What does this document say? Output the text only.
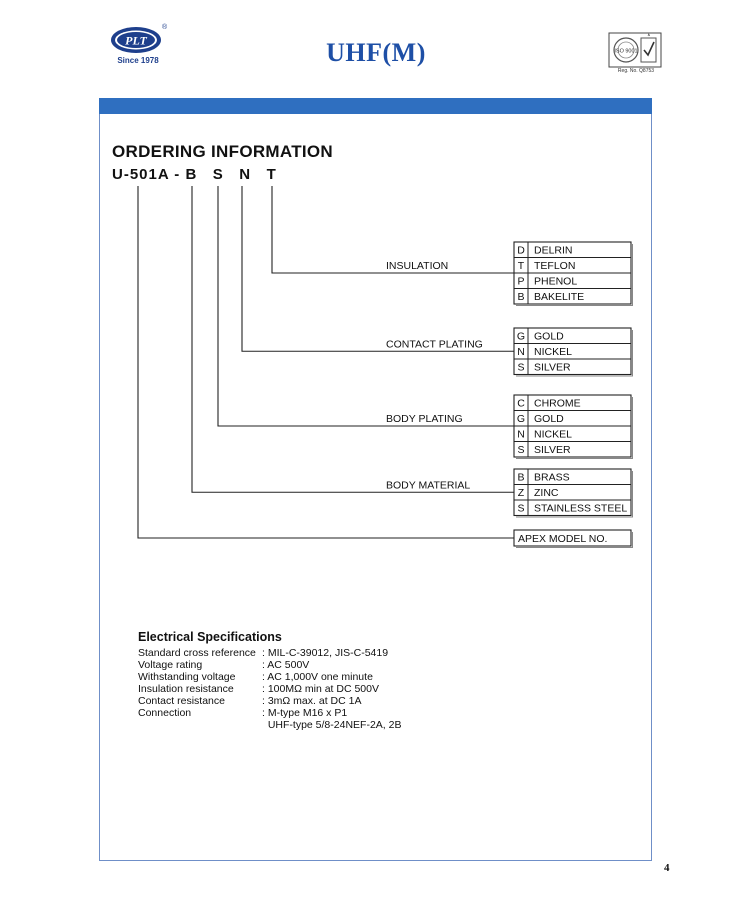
PLT
®
Since 1978	UHF(M)	ISO 9001
Reg. No. Q8753
ORDERING INFORMATION
U-501A - B   S   N   T
INSULATION
D DELRIN
T TEFLON
P PHENOL
B BAKELITE
CONTACT PLATING
G GOLD
N NICKEL
S SILVER
BODY PLATING
C CHROME
G GOLD
N NICKEL
S SILVER
BODY MATERIAL
B BRASS
Z ZINC
S STAINLESS STEEL
APEX MODEL NO.
Electrical Specifications
Standard cross reference : MIL-C-39012, JIS-C-5419
Voltage rating	: AC 500V
Withstanding voltage	: AC 1,000V one minute
Insulation resistance	: 100MΩ min at DC 500V
Contact resistance	: 3mΩ max. at DC 1A
Connection	: M-type M16 x P1
UHF-type 5/8-24NEF-2A, 2B
4
